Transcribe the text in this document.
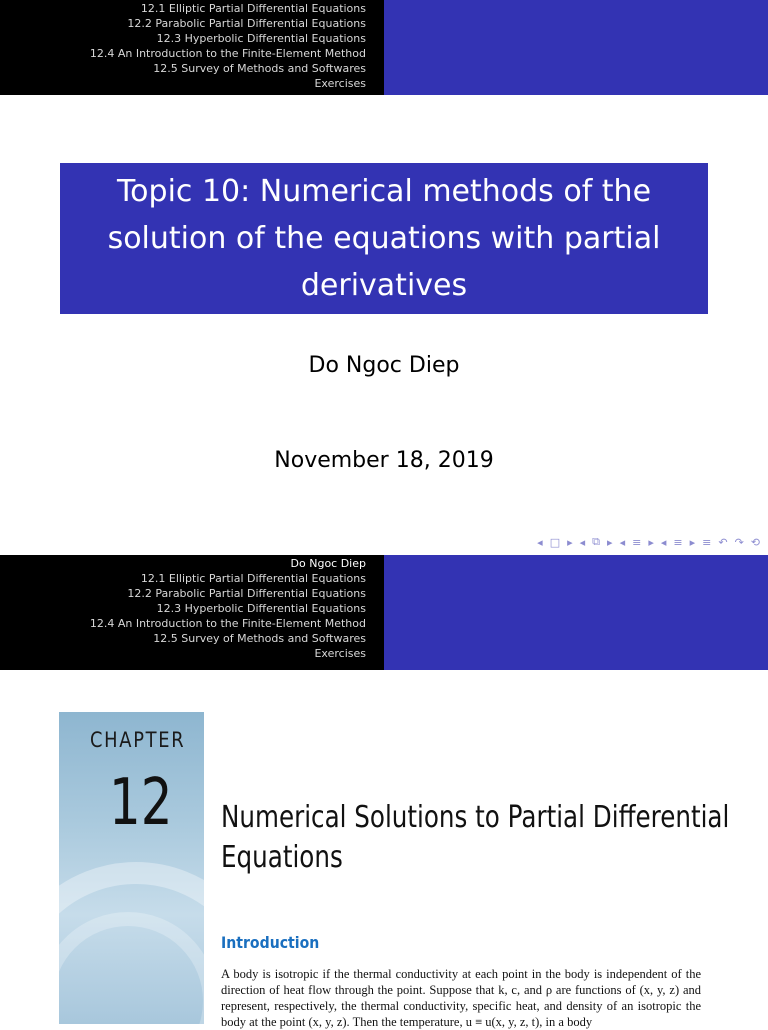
12.1 Elliptic Partial Differential Equations
12.2 Parabolic Partial Differential Equations
12.3 Hyperbolic Differential Equations
12.4 An Introduction to the Finite-Element Method
12.5 Survey of Methods and Softwares
Exercises
Topic 10: Numerical methods of the solution of the equations with partial derivatives
Do Ngoc Diep
November 18, 2019
◂ □ ▸ ◂ ⧉ ▸ ◂ ≡ ▸ ◂ ≡ ▸ ≡ ↶ ↷ ⟲
Do Ngoc Diep
12.1 Elliptic Partial Differential Equations
12.2 Parabolic Partial Differential Equations
12.3 Hyperbolic Differential Equations
12.4 An Introduction to the Finite-Element Method
12.5 Survey of Methods and Softwares
Exercises
CHAPTER
12 Numerical Solutions to Partial Differential
Equations
Introduction
A body is isotropic if the thermal conductivity at each point in the body is independent of the direction of heat flow through the point. Suppose that k, c, and ρ are functions of (x, y, z) and represent, respectively, the thermal conductivity, specific heat, and density of an isotropic the body at the point (x, y, z). Then the temperature, u ≡ u(x, y, z, t), in a body
